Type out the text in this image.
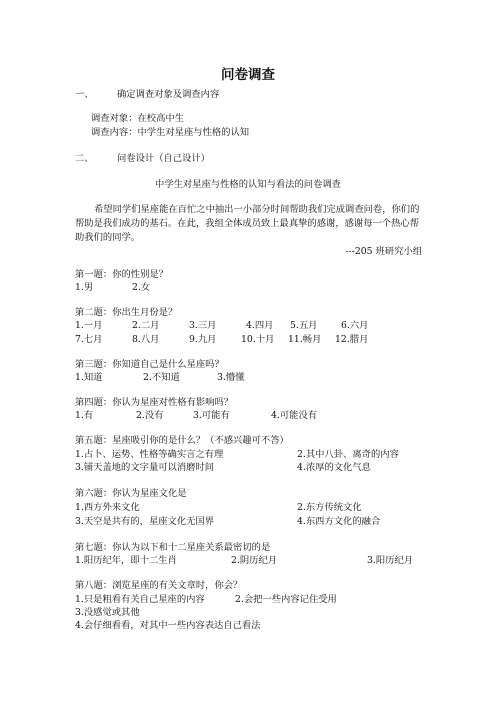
问卷调查
一、	确定调查对象及调查内容
调查对象：在校高中生
调查内容：中学生对星座与性格的认知
二、	问卷设计（自己设计）
中学生对星座与性格的认知与看法的问卷调查
希望同学们星座能在百忙之中抽出一小部分时间帮助我们完成调查问卷，你们的帮助是我们成功的基石。在此，我组全体成员致上最真挚的感谢，感谢每一个热心帮助我们的同学。
---205 班研究小组
第一题：你的性别是？
1.男	2.女
第二题：你出生月份是？
1.一月	2.二月	3.三月	4.四月 5.五月	6.六月
7.七月	8.八月	9.九月	10.十月 11.畅月 12.腊月
第三题：你知道自己是什么星座吗？
1.知道	2.不知道	3.懵懂
第四题：你认为星座对性格有影响吗？
1.有	2.没有	3.可能有	4.可能没有
第五题：星座吸引你的是什么？（不感兴趣可不答）
1.占卜、运势、性格等确实言之有理	2.其中八卦、离奇的内容
3.铺天盖地的文字量可以消磨时间	4.浓厚的文化气息
第六题：你认为星座文化是
1.西方外来文化	2.东方传统文化
3.天空是共有的，星座文化无国界	4.东西方文化的融合
第七题：你认为以下和十二星座关系最密切的是
1.阳历纪年，即十二生肖	2.阴历纪月	3.阳历纪月
第八题：浏览星座的有关文章时，你会？
1.只是粗看有关自己星座的内容	2.会把一些内容记住受用
3.没感觉或其他
4.会仔细看看，对其中一些内容表达自己看法
